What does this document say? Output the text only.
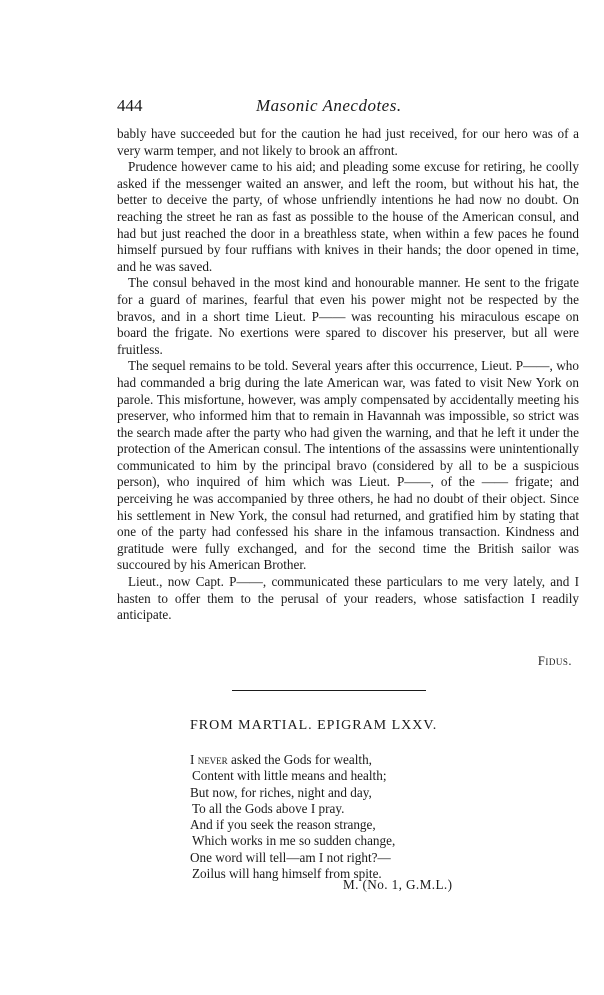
444	Masonic Anecdotes.

bably have succeeded but for the caution he had just received, for our hero was of a very warm temper, and not likely to brook an affront.

Prudence however came to his aid; and pleading some excuse for retiring, he coolly asked if the messenger waited an answer, and left the room, but without his hat, the better to deceive the party, of whose unfriendly intentions he had now no doubt. On reaching the street he ran as fast as possible to the house of the American consul, and had but just reached the door in a breathless state, when within a few paces he found himself pursued by four ruffians with knives in their hands; the door opened in time, and he was saved.

The consul behaved in the most kind and honourable manner. He sent to the frigate for a guard of marines, fearful that even his power might not be respected by the bravos, and in a short time Lieut. P—— was recounting his miraculous escape on board the frigate. No exertions were spared to discover his preserver, but all were fruitless.

The sequel remains to be told. Several years after this occurrence, Lieut. P——, who had commanded a brig during the late American war, was fated to visit New York on parole. This misfortune, however, was amply compensated by accidentally meeting his preserver, who informed him that to remain in Havannah was impossible, so strict was the search made after the party who had given the warning, and that he left it under the protection of the American consul. The intentions of the assassins were unintentionally communicated to him by the principal bravo (considered by all to be a suspicious person), who inquired of him which was Lieut. P——, of the —— frigate; and perceiving he was accompanied by three others, he had no doubt of their object. Since his settlement in New York, the consul had returned, and gratified him by stating that one of the party had confessed his share in the infamous transaction. Kindness and gratitude were fully exchanged, and for the second time the British sailor was succoured by his American Brother.

Lieut., now Capt. P——, communicated these particulars to me very lately, and I hasten to offer them to the perusal of your readers, whose satisfaction I readily anticipate.

Fidus.
FROM MARTIAL. EPIGRAM LXXV.
I never asked the Gods for wealth,
Content with little means and health;
But now, for riches, night and day,
To all the Gods above I pray.
And if you seek the reason strange,
Which works in me so sudden change,
One word will tell—am I not right?—
Zoilus will hang himself from spite.
M. (No. 1, G.M.L.)
